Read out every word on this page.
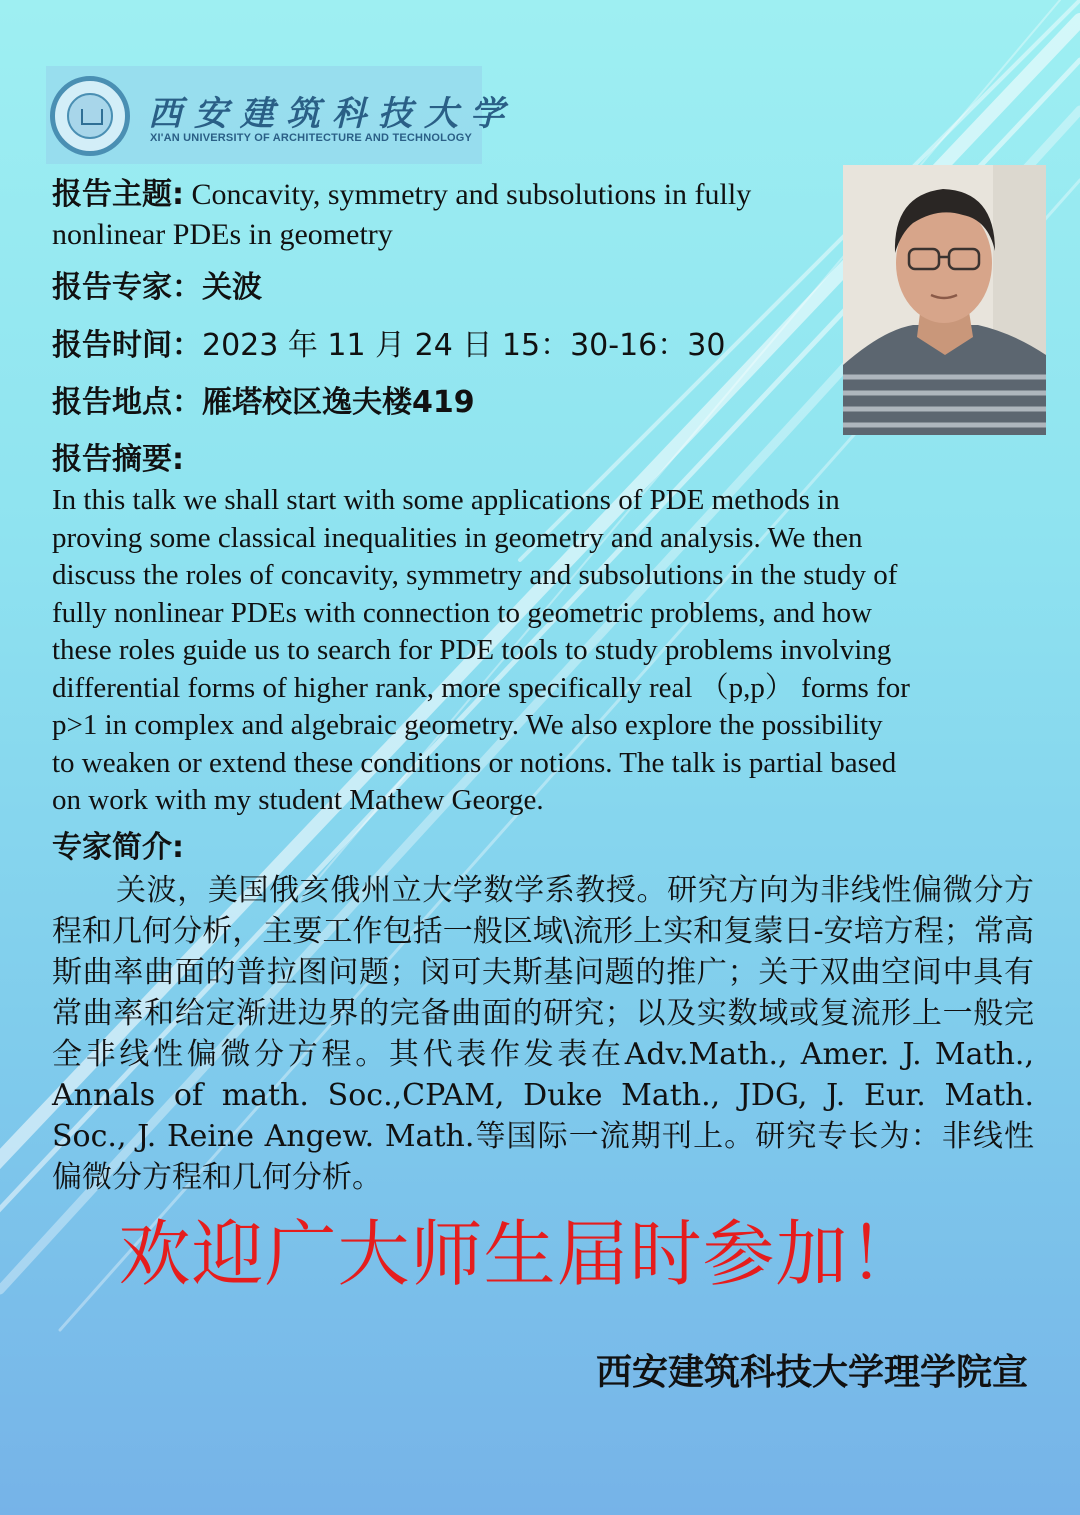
西安建筑科技大学
XI'AN UNIVERSITY OF ARCHITECTURE AND TECHNOLOGY
报告主题: Concavity, symmetry and subsolutions in fully nonlinear PDEs in geometry
报告专家：关波
报告时间：2023 年 11 月 24 日 15：30-16：30
报告地点：雁塔校区逸夫楼419
报告摘要:
In this talk we shall start with some applications of PDE methods in
proving some classical inequalities in geometry and analysis. We then
discuss the roles of concavity, symmetry and subsolutions in the study of
fully nonlinear PDEs with connection to geometric problems, and how
these roles guide us to search for PDE tools to study problems involving
differential forms of higher rank, more specifically real （p,p） forms for
p>1 in complex and algebraic geometry. We also explore the possibility
to weaken or extend these conditions or notions. The talk is partial based
on work with my student Mathew George.
专家简介:
关波，美国俄亥俄州立大学数学系教授。研究方向为非线性偏微分方程和几何分析，主要工作包括一般区域\流形上实和复蒙日-安培方程；常高斯曲率曲面的普拉图问题；闵可夫斯基问题的推广；关于双曲空间中具有常曲率和给定渐进边界的完备曲面的研究；以及实数域或复流形上一般完全非线性偏微分方程。其代表作发表在Adv.Math., Amer. J. Math., Annals of math. Soc.,CPAM, Duke Math., JDG, J. Eur. Math. Soc., J. Reine Angew. Math.等国际一流期刊上。研究专长为：非线性偏微分方程和几何分析。
欢迎广大师生届时参加！
西安建筑科技大学理学院宣
